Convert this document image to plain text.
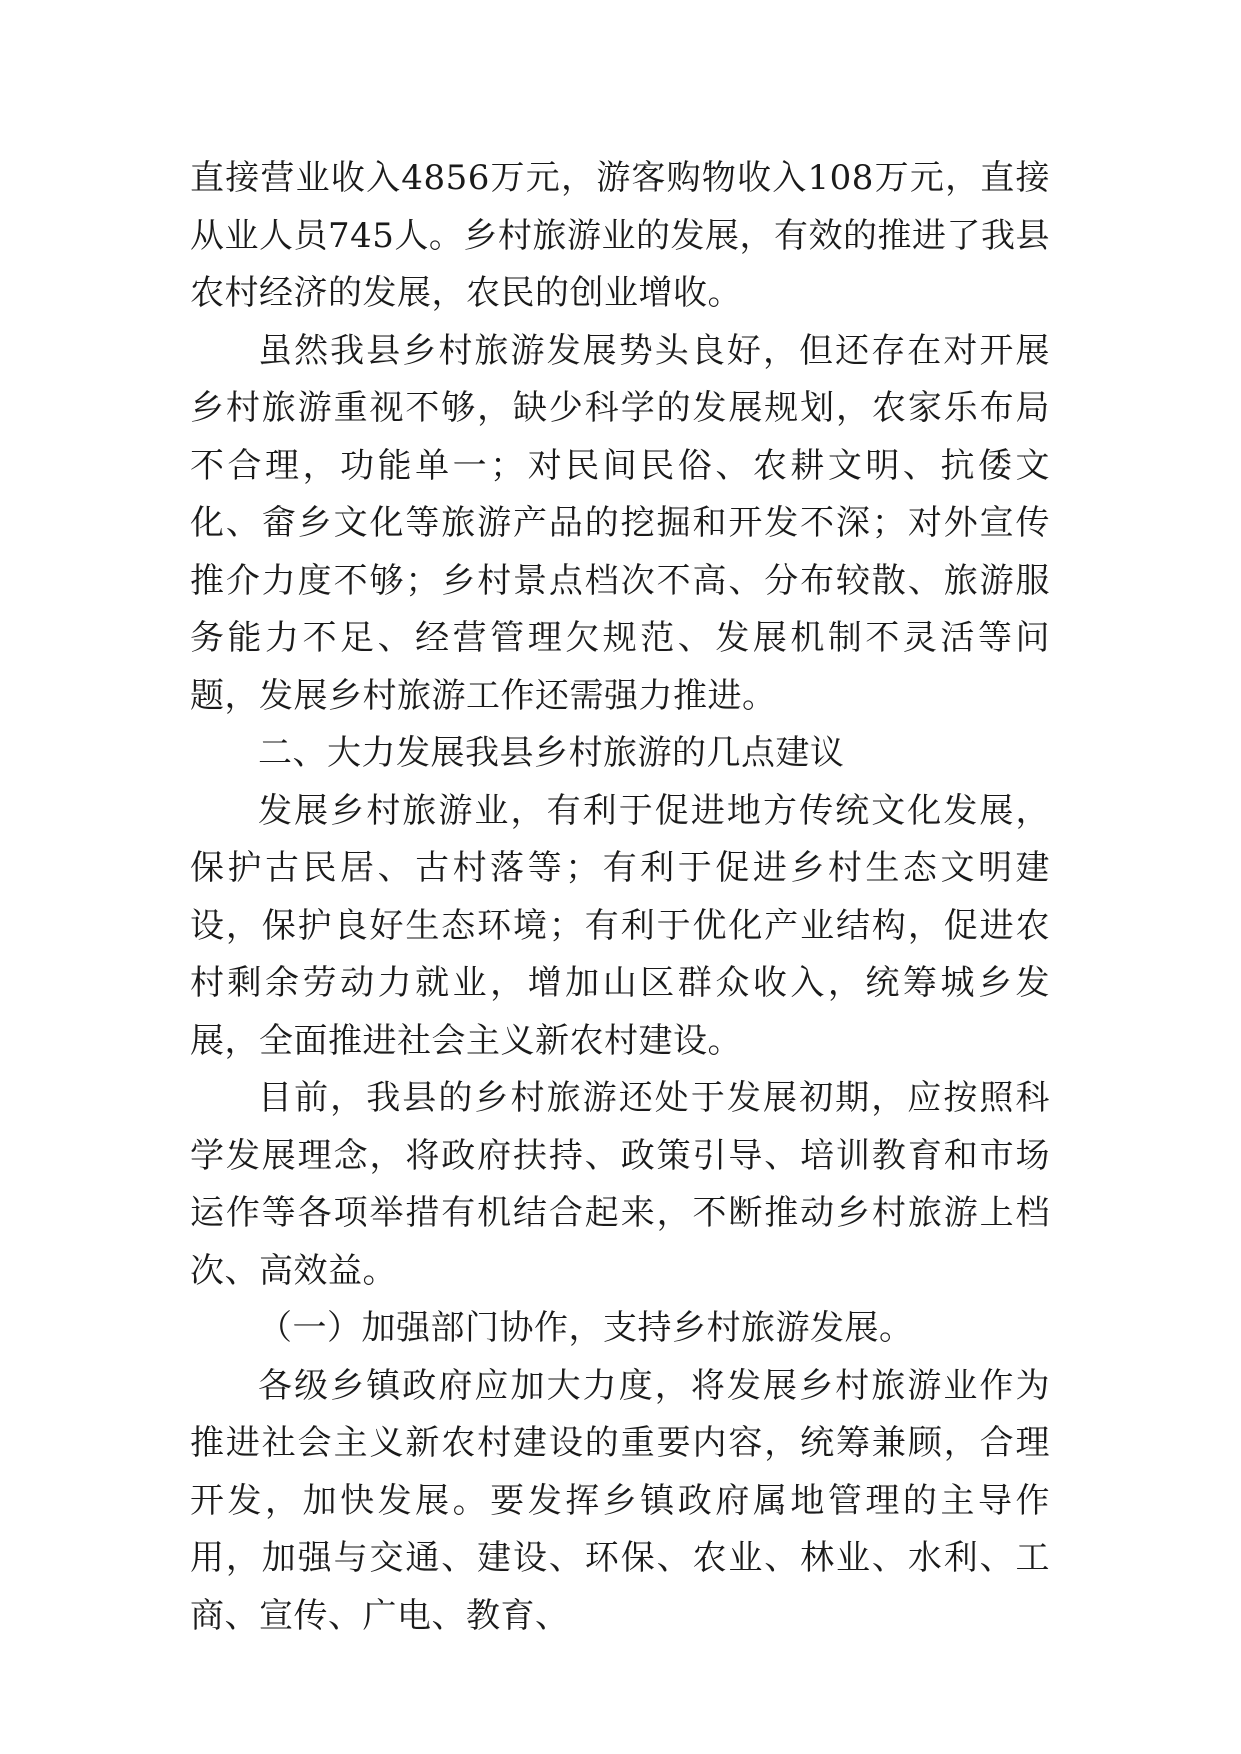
直接营业收入4856万元，游客购物收入108万元，直接从业人员745人。乡村旅游业的发展，有效的推进了我县农村经济的发展，农民的创业增收。

虽然我县乡村旅游发展势头良好，但还存在对开展乡村旅游重视不够，缺少科学的发展规划，农家乐布局不合理，功能单一；对民间民俗、农耕文明、抗倭文化、畲乡文化等旅游产品的挖掘和开发不深；对外宣传推介力度不够；乡村景点档次不高、分布较散、旅游服务能力不足、经营管理欠规范、发展机制不灵活等问题，发展乡村旅游工作还需强力推进。

二、大力发展我县乡村旅游的几点建议

发展乡村旅游业，有利于促进地方传统文化发展，保护古民居、古村落等；有利于促进乡村生态文明建设，保护良好生态环境；有利于优化产业结构，促进农村剩余劳动力就业，增加山区群众收入，统筹城乡发展，全面推进社会主义新农村建设。

目前，我县的乡村旅游还处于发展初期，应按照科学发展理念，将政府扶持、政策引导、培训教育和市场运作等各项举措有机结合起来，不断推动乡村旅游上档次、高效益。

（一）加强部门协作，支持乡村旅游发展。

各级乡镇政府应加大力度，将发展乡村旅游业作为推进社会主义新农村建设的重要内容，统筹兼顾，合理开发，加快发展。要发挥乡镇政府属地管理的主导作用，加强与交通、建设、环保、农业、林业、水利、工商、宣传、广电、教育、
